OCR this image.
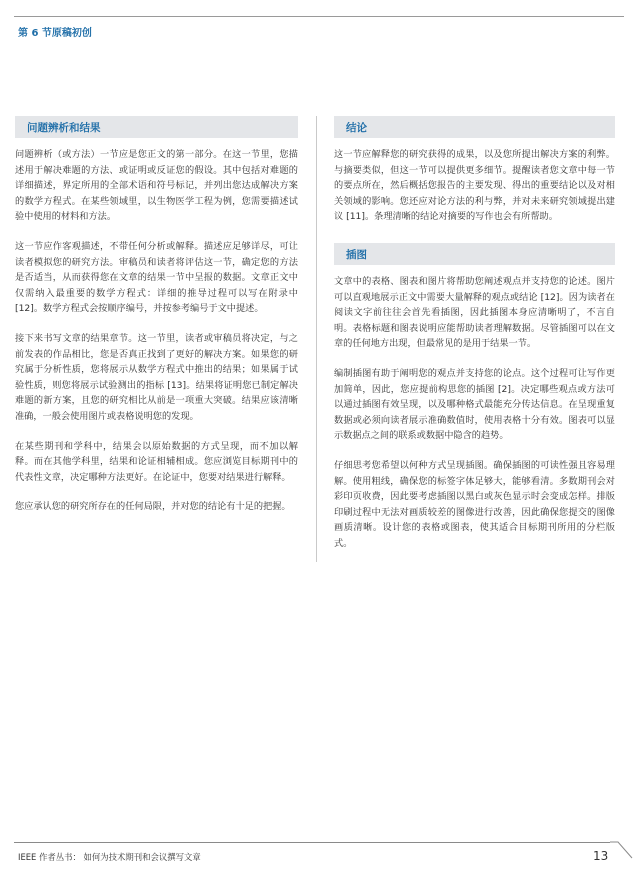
第 6 节原稿初创
问题辨析和结果

问题辨析（或方法）一节应是您正文的第一部分。在这一节里，您描述用于解决难题的方法、或证明或反证您的假设。其中包括对难题的详细描述，界定所用的全部术语和符号标记，并列出您达成解决方案的数学方程式。在某些领域里，以生物医学工程为例，您需要描述试验中使用的材料和方法。

这一节应作客观描述，不带任何分析或解释。描述应足够详尽，可让读者模拟您的研究方法。审稿员和读者将评估这一节，确定您的方法是否适当，从而获得您在文章的结果一节中呈报的数据。文章正文中仅需纳入最重要的数学方程式：详细的推导过程可以写在附录中 [12]。数学方程式会按顺序编号，并按参考编号于文中提述。

接下来书写文章的结果章节。这一节里，读者或审稿员将决定，与之前发表的作品相比，您是否真正找到了更好的解决方案。如果您的研究属于分析性质，您将展示从数学方程式中推出的结果；如果属于试验性质，则您将展示试验测出的指标 [13]。结果将证明您已制定解决难题的新方案，且您的研究相比从前是一项重大突破。结果应该清晰准确，一般会使用图片或表格说明您的发现。

在某些期刊和学科中，结果会以原始数据的方式呈现，而不加以解释。而在其他学科里，结果和论证相辅相成。您应浏览目标期刊中的代表性文章，决定哪种方法更好。在论证中，您要对结果进行解释。

您应承认您的研究所存在的任何局限，并对您的结论有十足的把握。

结论

这一节应解释您的研究获得的成果，以及您所提出解决方案的利弊。与摘要类似，但这一节可以提供更多细节。提醒读者您文章中每一节的要点所在，然后概括您报告的主要发现、得出的重要结论以及对相关领域的影响。您还应对论方法的利与弊，并对未来研究领域提出建议 [11]。条理清晰的结论对摘要的写作也会有所帮助。

插图

文章中的表格、图表和图片将帮助您阐述观点并支持您的论述。图片可以直观地展示正文中需要大量解释的观点或结论 [12]。因为读者在阅读文字前往往会首先看插图，因此插图本身应清晰明了，不言自明。表格标题和图表说明应能帮助读者理解数据。尽管插图可以在文章的任何地方出现，但最常见的是用于结果一节。

编制插图有助于阐明您的观点并支持您的论点。这个过程可让写作更加简单，因此，您应提前构思您的插图 [2]。决定哪些观点或方法可以通过插图有效呈现，以及哪种格式最能充分传达信息。在呈现重复数据或必须向读者展示准确数值时，使用表格十分有效。图表可以显示数据点之间的联系或数据中隐含的趋势。

仔细思考您希望以何种方式呈现插图。确保插图的可读性强且容易理解。使用粗线，确保您的标签字体足够大，能够看清。多数期刊会对彩印页收费，因此要考虑插图以黑白或灰色显示时会变成怎样。排版印刷过程中无法对画质较差的图像进行改善，因此确保您提交的图像画质清晰。设计您的表格或图表，使其适合目标期刊所用的分栏版式。

IEEE 作者丛书： 如何为技术期刊和会议撰写文章	13
